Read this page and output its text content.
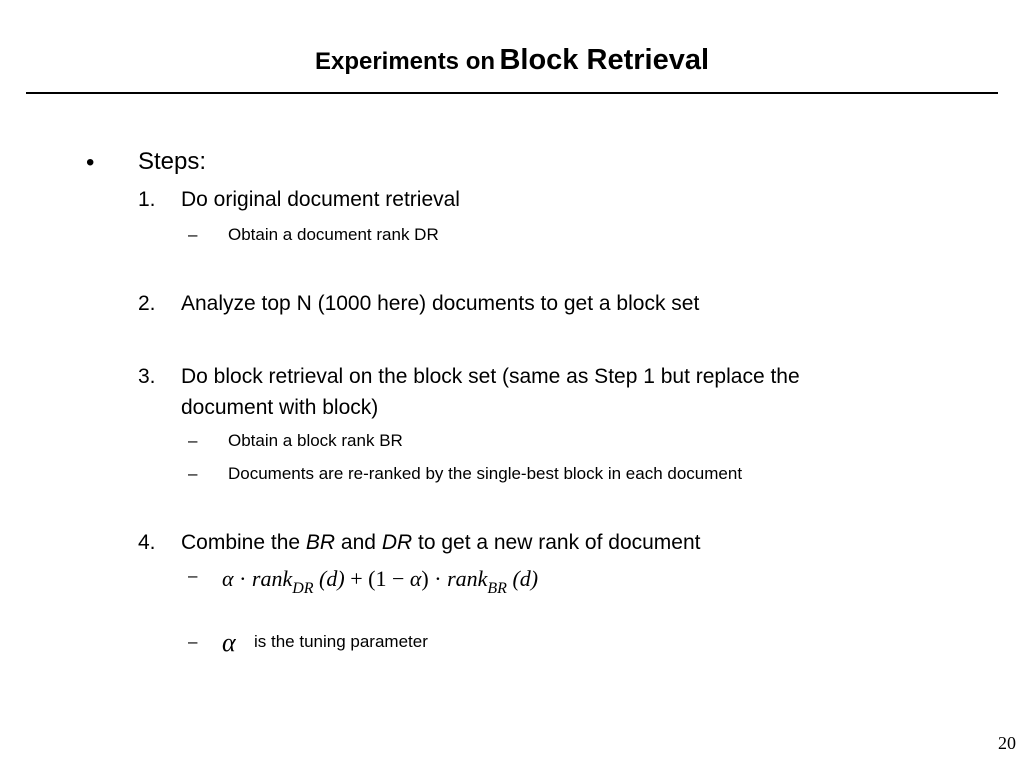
Experiments on Block Retrieval
• Steps:
1. Do original document retrieval
– Obtain a document rank DR
2. Analyze top N (1000 here) documents to get a block set
3. Do block retrieval on the block set (same as Step 1 but replace the
document with block)
– Obtain a block rank BR
– Documents are re-ranked by the single-best block in each document
4. Combine the BR and DR to get a new rank of document
– α · rank$_{DR}$ (d) + (1 − α) · rank$_{BR}$ (d)
– α is the tuning parameter
20
